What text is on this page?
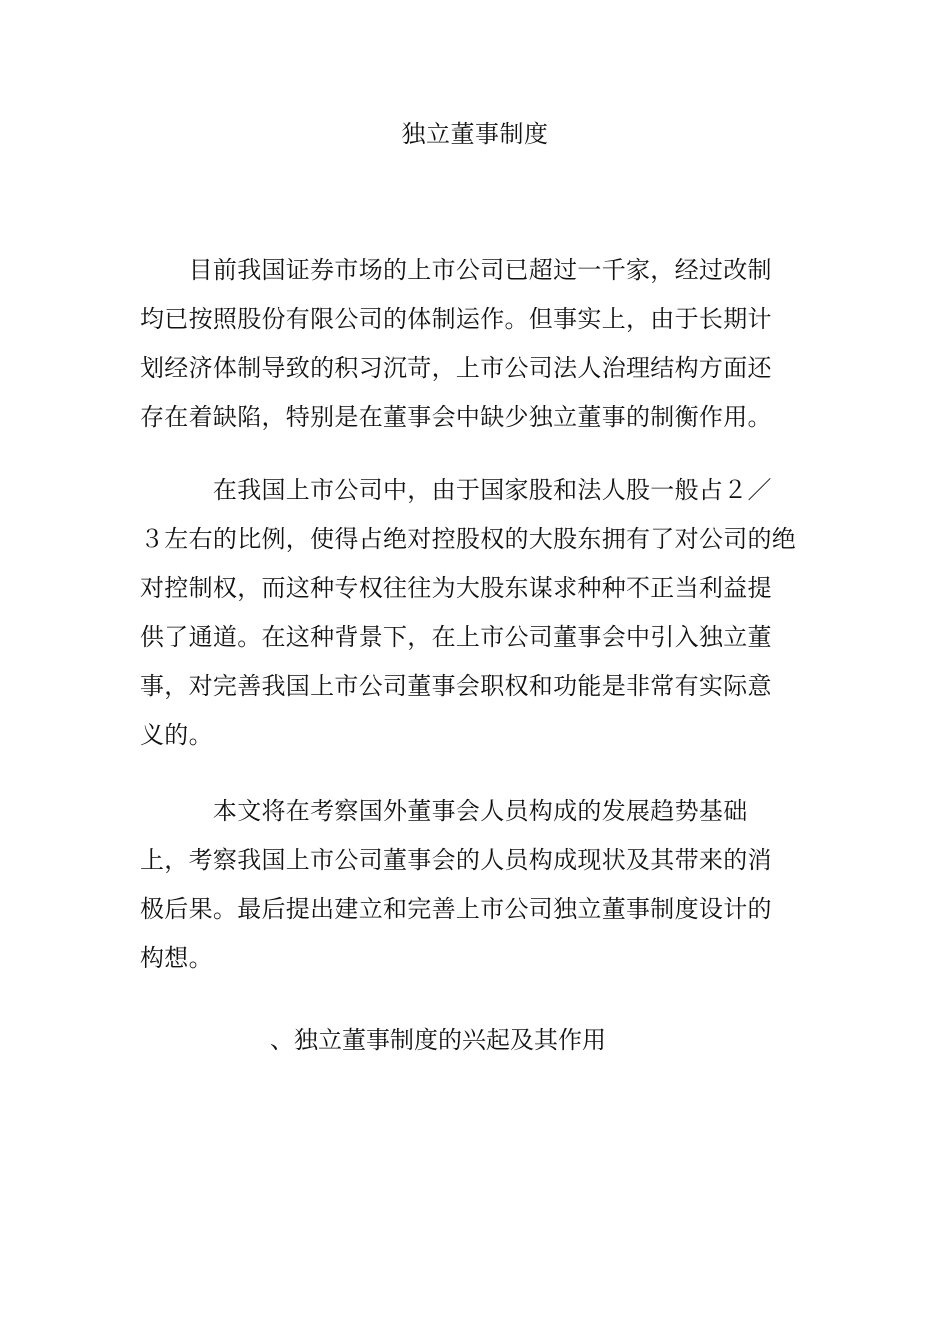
独立董事制度
　　目前我国证券市场的上市公司已超过一千家，经过改制
均已按照股份有限公司的体制运作。但事实上，由于长期计
划经济体制导致的积习沉苛，上市公司法人治理结构方面还
存在着缺陷，特别是在董事会中缺少独立董事的制衡作用。
　　　在我国上市公司中，由于国家股和法人股一般占２／
３左右的比例，使得占绝对控股权的大股东拥有了对公司的绝
对控制权，而这种专权往往为大股东谋求种种不正当利益提
供了通道。在这种背景下，在上市公司董事会中引入独立董
事，对完善我国上市公司董事会职权和功能是非常有实际意
义的。
　　　本文将在考察国外董事会人员构成的发展趋势基础
上，考察我国上市公司董事会的人员构成现状及其带来的消
极后果。最后提出建立和完善上市公司独立董事制度设计的
构想。
、独立董事制度的兴起及其作用
